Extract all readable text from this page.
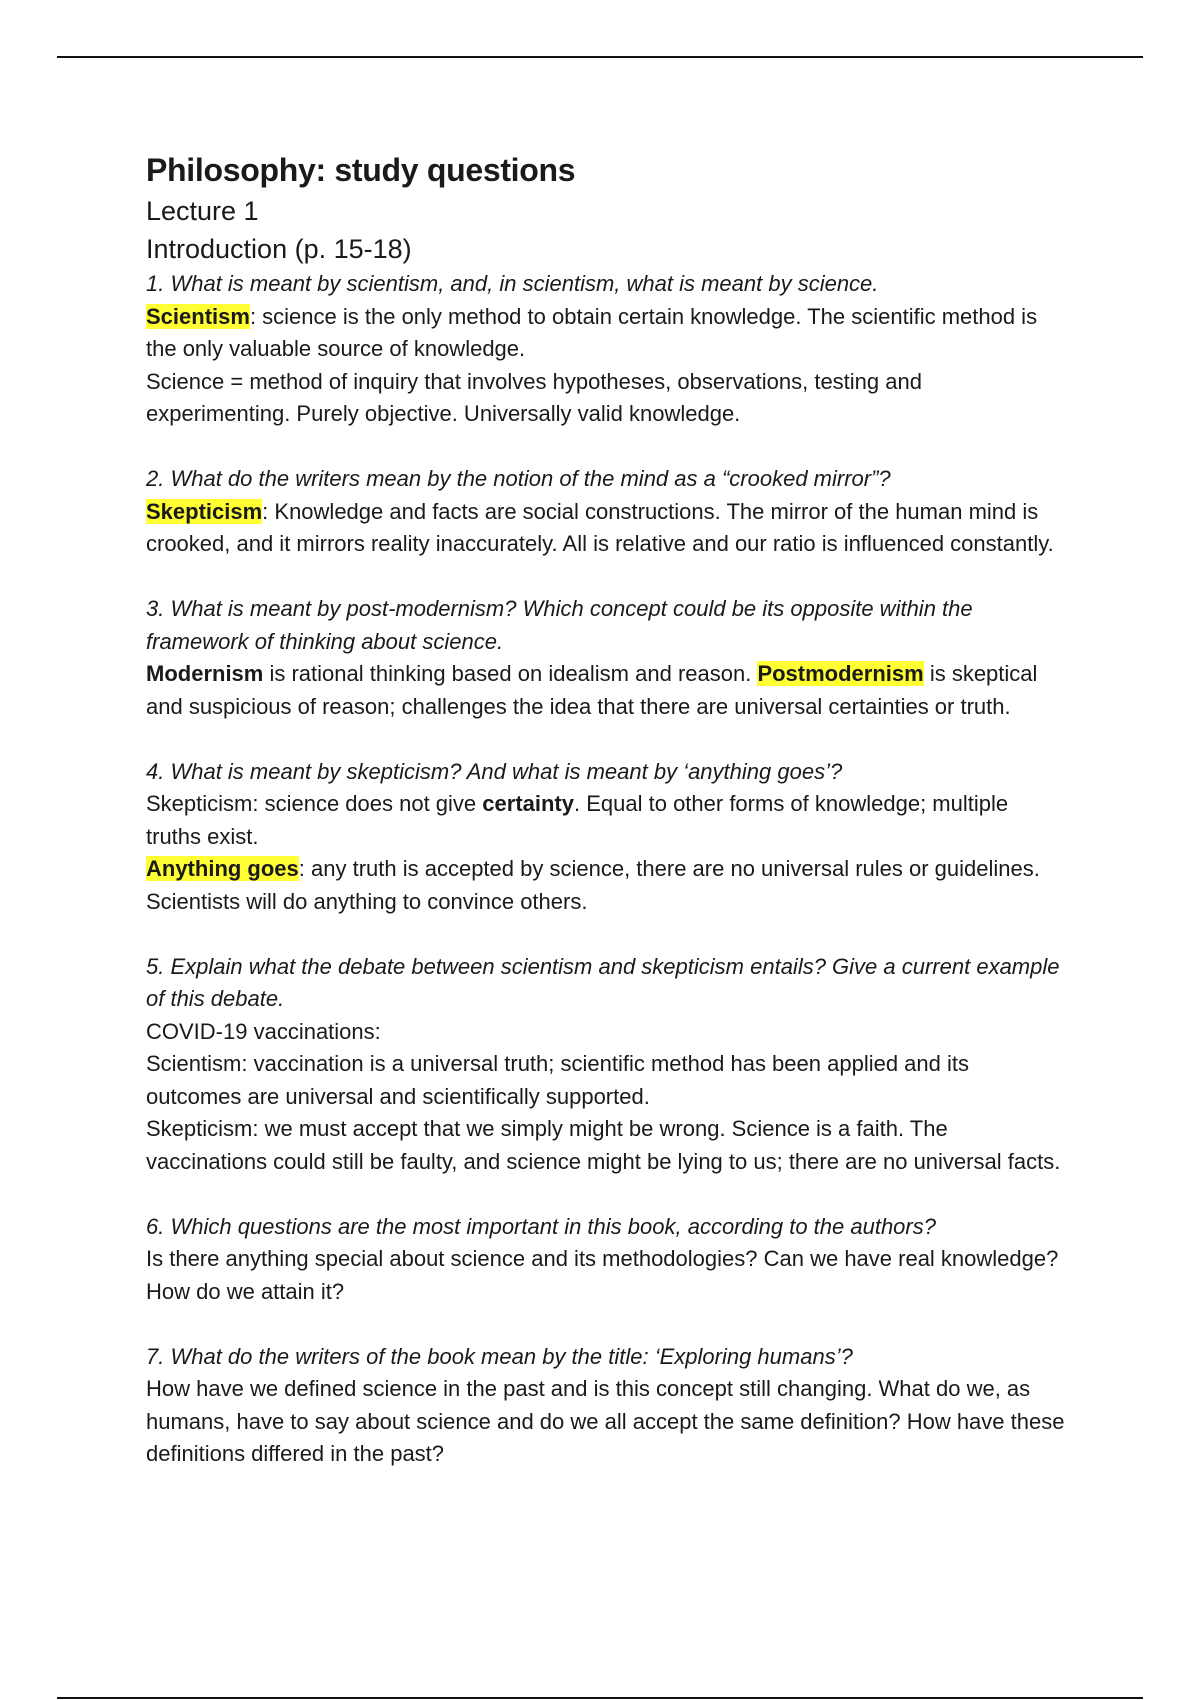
Philosophy: study questions

Lecture 1

Introduction (p. 15-18)

1. What is meant by scientism, and, in scientism, what is meant by science.

Scientism: science is the only method to obtain certain knowledge. The scientific method is the only valuable source of knowledge.

Science = method of inquiry that involves hypotheses, observations, testing and experimenting. Purely objective. Universally valid knowledge.

2. What do the writers mean by the notion of the mind as a “crooked mirror”?

Skepticism: Knowledge and facts are social constructions. The mirror of the human mind is crooked, and it mirrors reality inaccurately. All is relative and our ratio is influenced constantly.

3. What is meant by post-modernism? Which concept could be its opposite within the framework of thinking about science.

Modernism is rational thinking based on idealism and reason. Postmodernism is skeptical and suspicious of reason; challenges the idea that there are universal certainties or truth.

4. What is meant by skepticism? And what is meant by ‘anything goes’?

Skepticism: science does not give certainty. Equal to other forms of knowledge; multiple truths exist.

Anything goes: any truth is accepted by science, there are no universal rules or guidelines. Scientists will do anything to convince others.

5. Explain what the debate between scientism and skepticism entails? Give a current example of this debate.

COVID-19 vaccinations:

Scientism: vaccination is a universal truth; scientific method has been applied and its outcomes are universal and scientifically supported.

Skepticism: we must accept that we simply might be wrong. Science is a faith. The vaccinations could still be faulty, and science might be lying to us; there are no universal facts.

6. Which questions are the most important in this book, according to the authors?

Is there anything special about science and its methodologies? Can we have real knowledge? How do we attain it?

7. What do the writers of the book mean by the title: ‘Exploring humans’?

How have we defined science in the past and is this concept still changing. What do we, as humans, have to say about science and do we all accept the same definition? How have these definitions differed in the past?
